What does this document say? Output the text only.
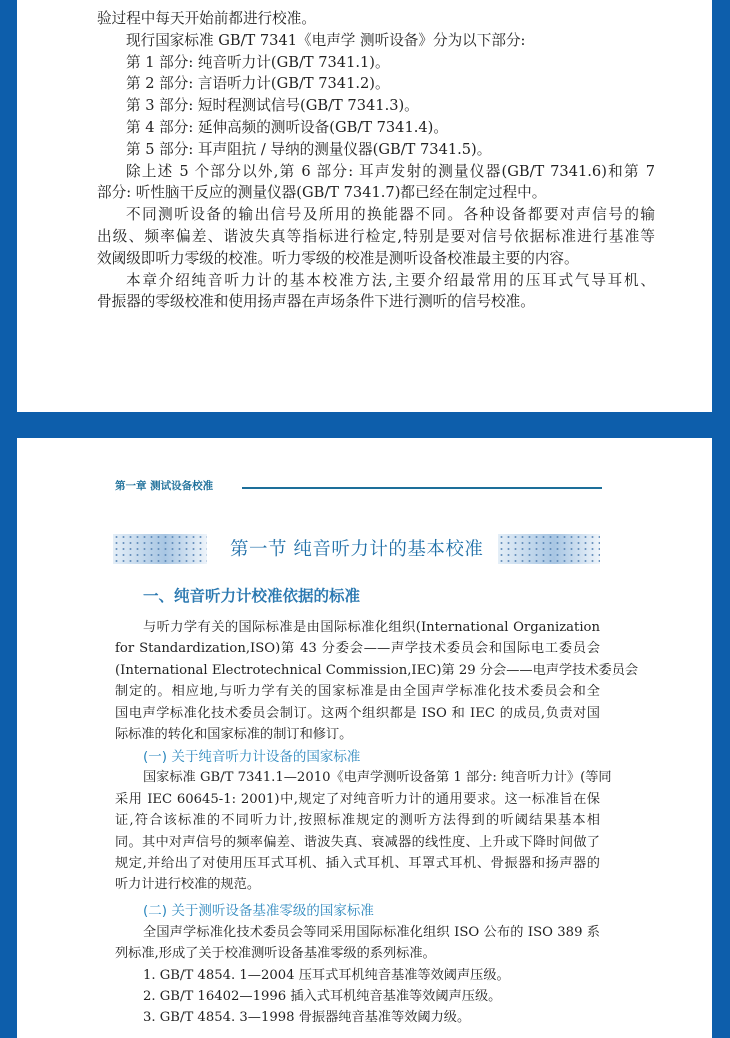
验过程中每天开始前都进行校准。
现行国家标准 GB/T 7341《电声学 测听设备》分为以下部分:
第 1 部分: 纯音听力计(GB/T 7341.1)。
第 2 部分: 言语听力计(GB/T 7341.2)。
第 3 部分: 短时程测试信号(GB/T 7341.3)。
第 4 部分: 延伸高频的测听设备(GB/T 7341.4)。
第 5 部分: 耳声阻抗 / 导纳的测量仪器(GB/T 7341.5)。
除上述 5 个部分以外,第 6 部分: 耳声发射的测量仪器(GB/T 7341.6)和第 7
部分: 听性脑干反应的测量仪器(GB/T 7341.7)都已经在制定过程中。
不同测听设备的输出信号及所用的换能器不同。各种设备都要对声信号的输
出级、频率偏差、谐波失真等指标进行检定,特别是要对信号依据标准进行基准等
效阈级即听力零级的校准。听力零级的校准是测听设备校准最主要的内容。
本章介绍纯音听力计的基本校准方法,主要介绍最常用的压耳式气导耳机、
骨振器的零级校准和使用扬声器在声场条件下进行测听的信号校准。
第一章 测试设备校准
第一节 纯音听力计的基本校准
一、纯音听力计校准依据的标准
与听力学有关的国际标准是由国际标准化组织(International Organization
for Standardization,ISO)第 43 分委会——声学技术委员会和国际电工委员会
(International Electrotechnical Commission,IEC)第 29 分会——电声学技术委员会
制定的。相应地,与听力学有关的国家标准是由全国声学标准化技术委员会和全
国电声学标准化技术委员会制订。这两个组织都是 ISO 和 IEC 的成员,负责对国
际标准的转化和国家标准的制订和修订。
(一) 关于纯音听力计设备的国家标准
国家标准 GB/T 7341.1—2010《电声学测听设备第 1 部分: 纯音听力计》(等同
采用 IEC 60645-1: 2001)中,规定了对纯音听力计的通用要求。这一标准旨在保
证,符合该标准的不同听力计,按照标准规定的测听方法得到的听阈结果基本相
同。其中对声信号的频率偏差、谐波失真、衰减器的线性度、上升或下降时间做了
规定,并给出了对使用压耳式耳机、插入式耳机、耳罩式耳机、骨振器和扬声器的
听力计进行校准的规范。
(二) 关于测听设备基准零级的国家标准
全国声学标准化技术委员会等同采用国际标准化组织 ISO 公布的 ISO 389 系
列标准,形成了关于校准测听设备基准零级的系列标准。
1. GB/T 4854. 1—2004 压耳式耳机纯音基准等效阈声压级。
2. GB/T 16402—1996 插入式耳机纯音基准等效阈声压级。
3. GB/T 4854. 3—1998 骨振器纯音基准等效阈力级。
